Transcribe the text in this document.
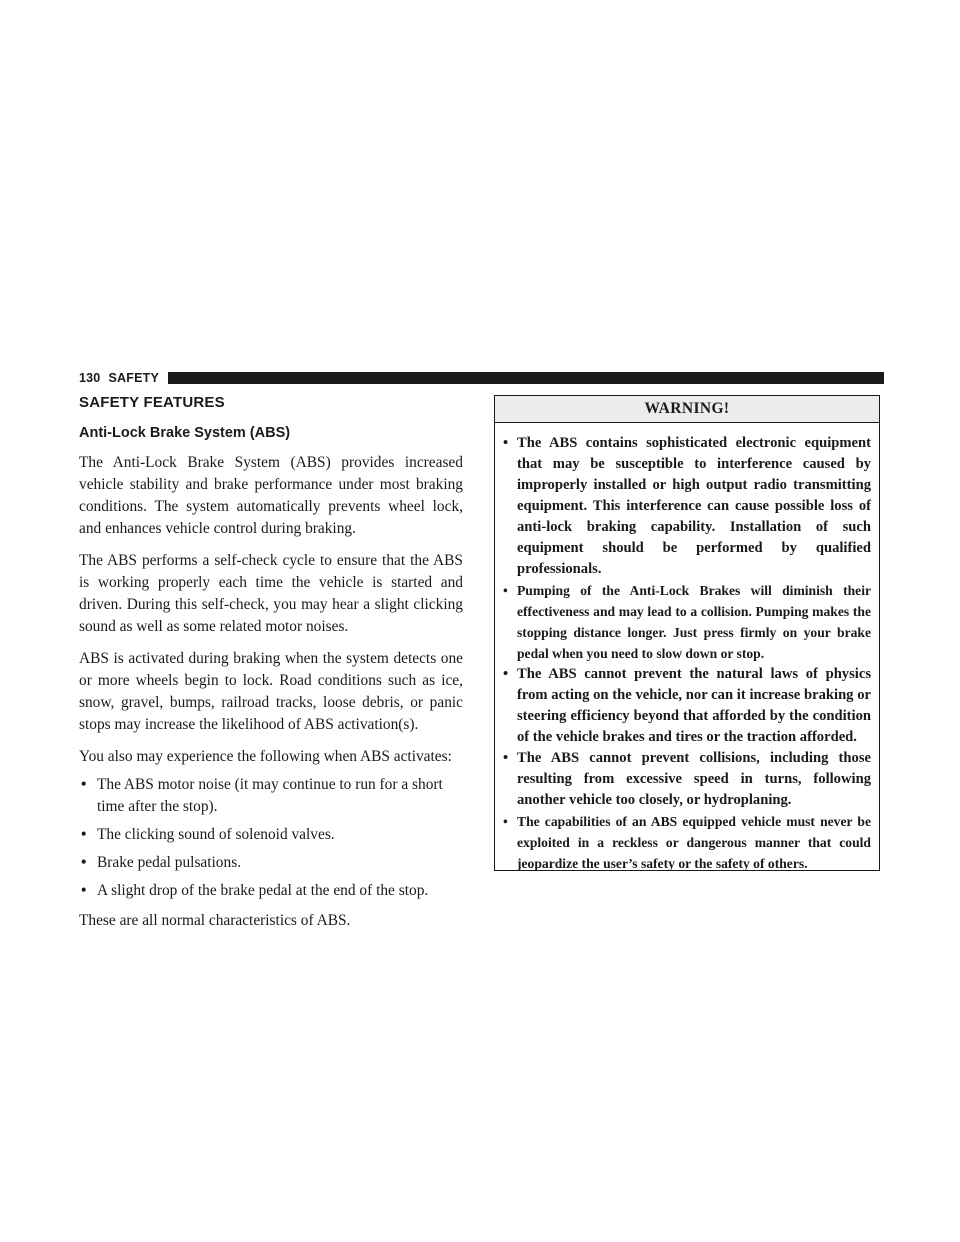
130 SAFETY
SAFETY FEATURES
Anti-Lock Brake System (ABS)

The Anti-Lock Brake System (ABS) provides increased vehicle stability and brake performance under most braking conditions. The system automatically prevents wheel lock, and enhances vehicle control during braking.

The ABS performs a self-check cycle to ensure that the ABS is working properly each time the vehicle is started and driven. During this self-check, you may hear a slight clicking sound as well as some related motor noises.

ABS is activated during braking when the system detects one or more wheels begin to lock. Road conditions such as ice, snow, gravel, bumps, railroad tracks, loose debris, or panic stops may increase the likelihood of ABS activation(s).

You also may experience the following when ABS activates:

• The ABS motor noise (it may continue to run for a short time after the stop).
• The clicking sound of solenoid valves.
• Brake pedal pulsations.
• A slight drop of the brake pedal at the end of the stop.

These are all normal characteristics of ABS.

WARNING!
• The ABS contains sophisticated electronic equipment that may be susceptible to interference caused by improperly installed or high output radio transmitting equipment. This interference can cause possible loss of anti-lock braking capability. Installation of such equipment should be performed by qualified professionals.
• Pumping of the Anti-Lock Brakes will diminish their effectiveness and may lead to a collision. Pumping makes the stopping distance longer. Just press firmly on your brake pedal when you need to slow down or stop.
• The ABS cannot prevent the natural laws of physics from acting on the vehicle, nor can it increase braking or steering efficiency beyond that afforded by the condition of the vehicle brakes and tires or the traction afforded.
• The ABS cannot prevent collisions, including those resulting from excessive speed in turns, following another vehicle too closely, or hydroplaning.
• The capabilities of an ABS equipped vehicle must never be exploited in a reckless or dangerous manner that could jeopardize the user’s safety or the safety of others.
